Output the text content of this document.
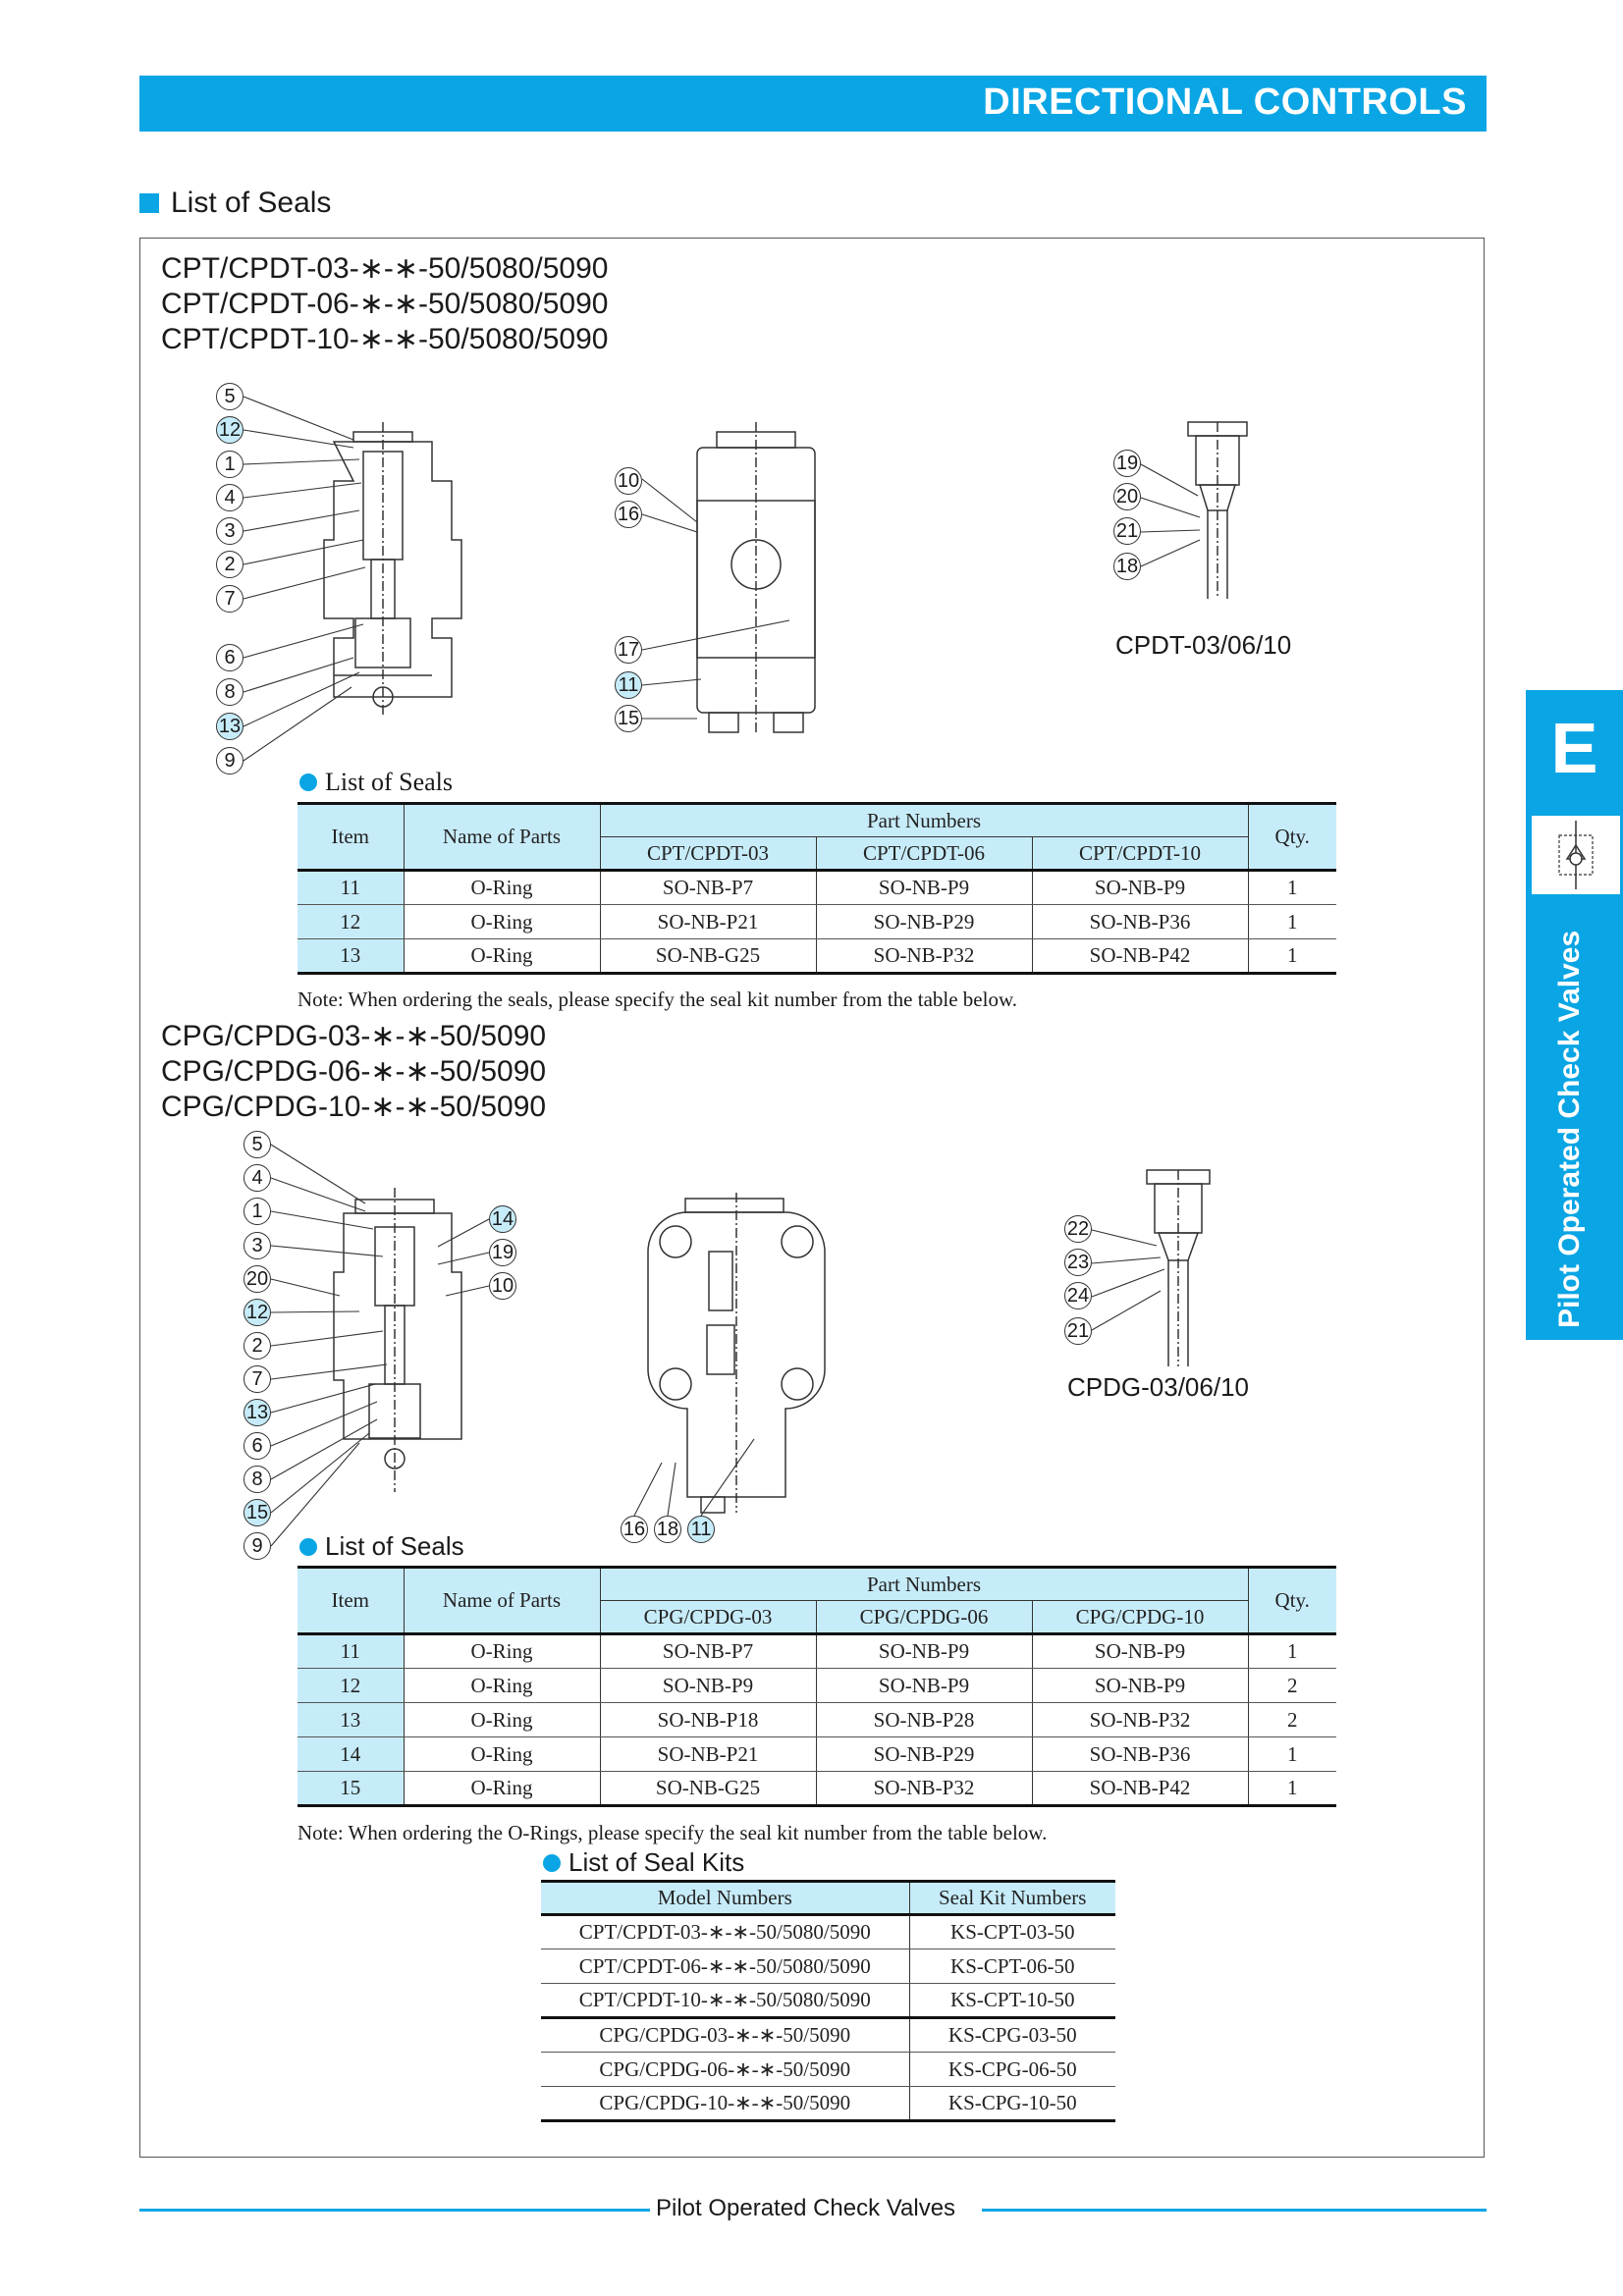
DIRECTIONAL CONTROLS
List of Seals
E
Pilot Operated Check Valves
CPT/CPDT-03-∗-∗-50/5080/5090
CPT/CPDT-06-∗-∗-50/5080/5090
CPT/CPDT-10-∗-∗-50/5080/5090
5
12
1
4
3
2
7
6
8
13
9
10
16
17
11
15
19
20
21
18
CPDT-03/06/10
List of Seals
Item	Name of Parts	Part Numbers			Qty.
		CPT/CPDT-03	CPT/CPDT-06	CPT/CPDT-10	
11	O-Ring	SO-NB-P7	SO-NB-P9	SO-NB-P9	1
12	O-Ring	SO-NB-P21	SO-NB-P29	SO-NB-P36	1
13	O-Ring	SO-NB-G25	SO-NB-P32	SO-NB-P42	1
Note: When ordering the seals, please specify the seal kit number from the table below.
CPG/CPDG-03-∗-∗-50/5090
CPG/CPDG-06-∗-∗-50/5090
CPG/CPDG-10-∗-∗-50/5090
5
4
1
3
20
12
2
7
13
6
8
15
9
14
19
10
16 18 11
22
23
24
21
CPDG-03/06/10
List of Seals
Item	Name of Parts	Part Numbers			Qty.
		CPG/CPDG-03	CPG/CPDG-06	CPG/CPDG-10	
11	O-Ring	SO-NB-P7	SO-NB-P9	SO-NB-P9	1
12	O-Ring	SO-NB-P9	SO-NB-P9	SO-NB-P9	2
13	O-Ring	SO-NB-P18	SO-NB-P28	SO-NB-P32	2
14	O-Ring	SO-NB-P21	SO-NB-P29	SO-NB-P36	1
15	O-Ring	SO-NB-G25	SO-NB-P32	SO-NB-P42	1
Note: When ordering the O-Rings, please specify the seal kit number from the table below.
List of Seal Kits
Model Numbers	Seal Kit Numbers
CPT/CPDT-03-∗-∗-50/5080/5090	KS-CPT-03-50
CPT/CPDT-06-∗-∗-50/5080/5090	KS-CPT-06-50
CPT/CPDT-10-∗-∗-50/5080/5090	KS-CPT-10-50
CPG/CPDG-03-∗-∗-50/5090	KS-CPG-03-50
CPG/CPDG-06-∗-∗-50/5090	KS-CPG-06-50
CPG/CPDG-10-∗-∗-50/5090	KS-CPG-10-50
Pilot Operated Check Valves
